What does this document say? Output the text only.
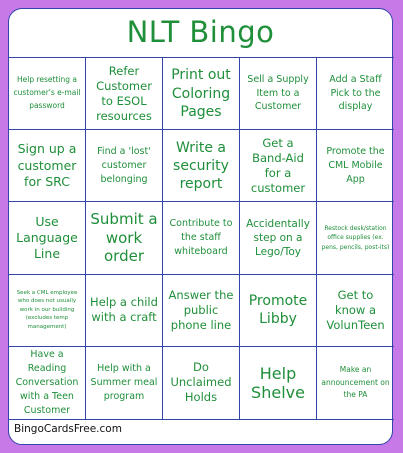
NLT Bingo
Help resetting a customer's e-mail password
Refer Customer to ESOL resources
Print out Coloring Pages
Sell a Supply Item to a Customer
Add a Staff Pick to the display
Sign up a customer for SRC
Find a 'lost' customer belonging
Write a security report
Get a Band-Aid for a customer
Promote the CML Mobile App
Use Language Line
Submit a work order
Contribute to the staff whiteboard
Accidentally step on a Lego/Toy
Restock desk/station office supplies (ex. pens, pencils, post-its)
Seek a CML employee who does not usually work in our building (excludes temp management)
Help a child with a craft
Answer the public phone line
Promote Libby
Get to know a VolunTeen
Have a Reading Conversation with a Teen Customer
Help with a Summer meal program
Do Unclaimed Holds
Help Shelve
Make an announcement on the PA
BingoCardsFree.com
